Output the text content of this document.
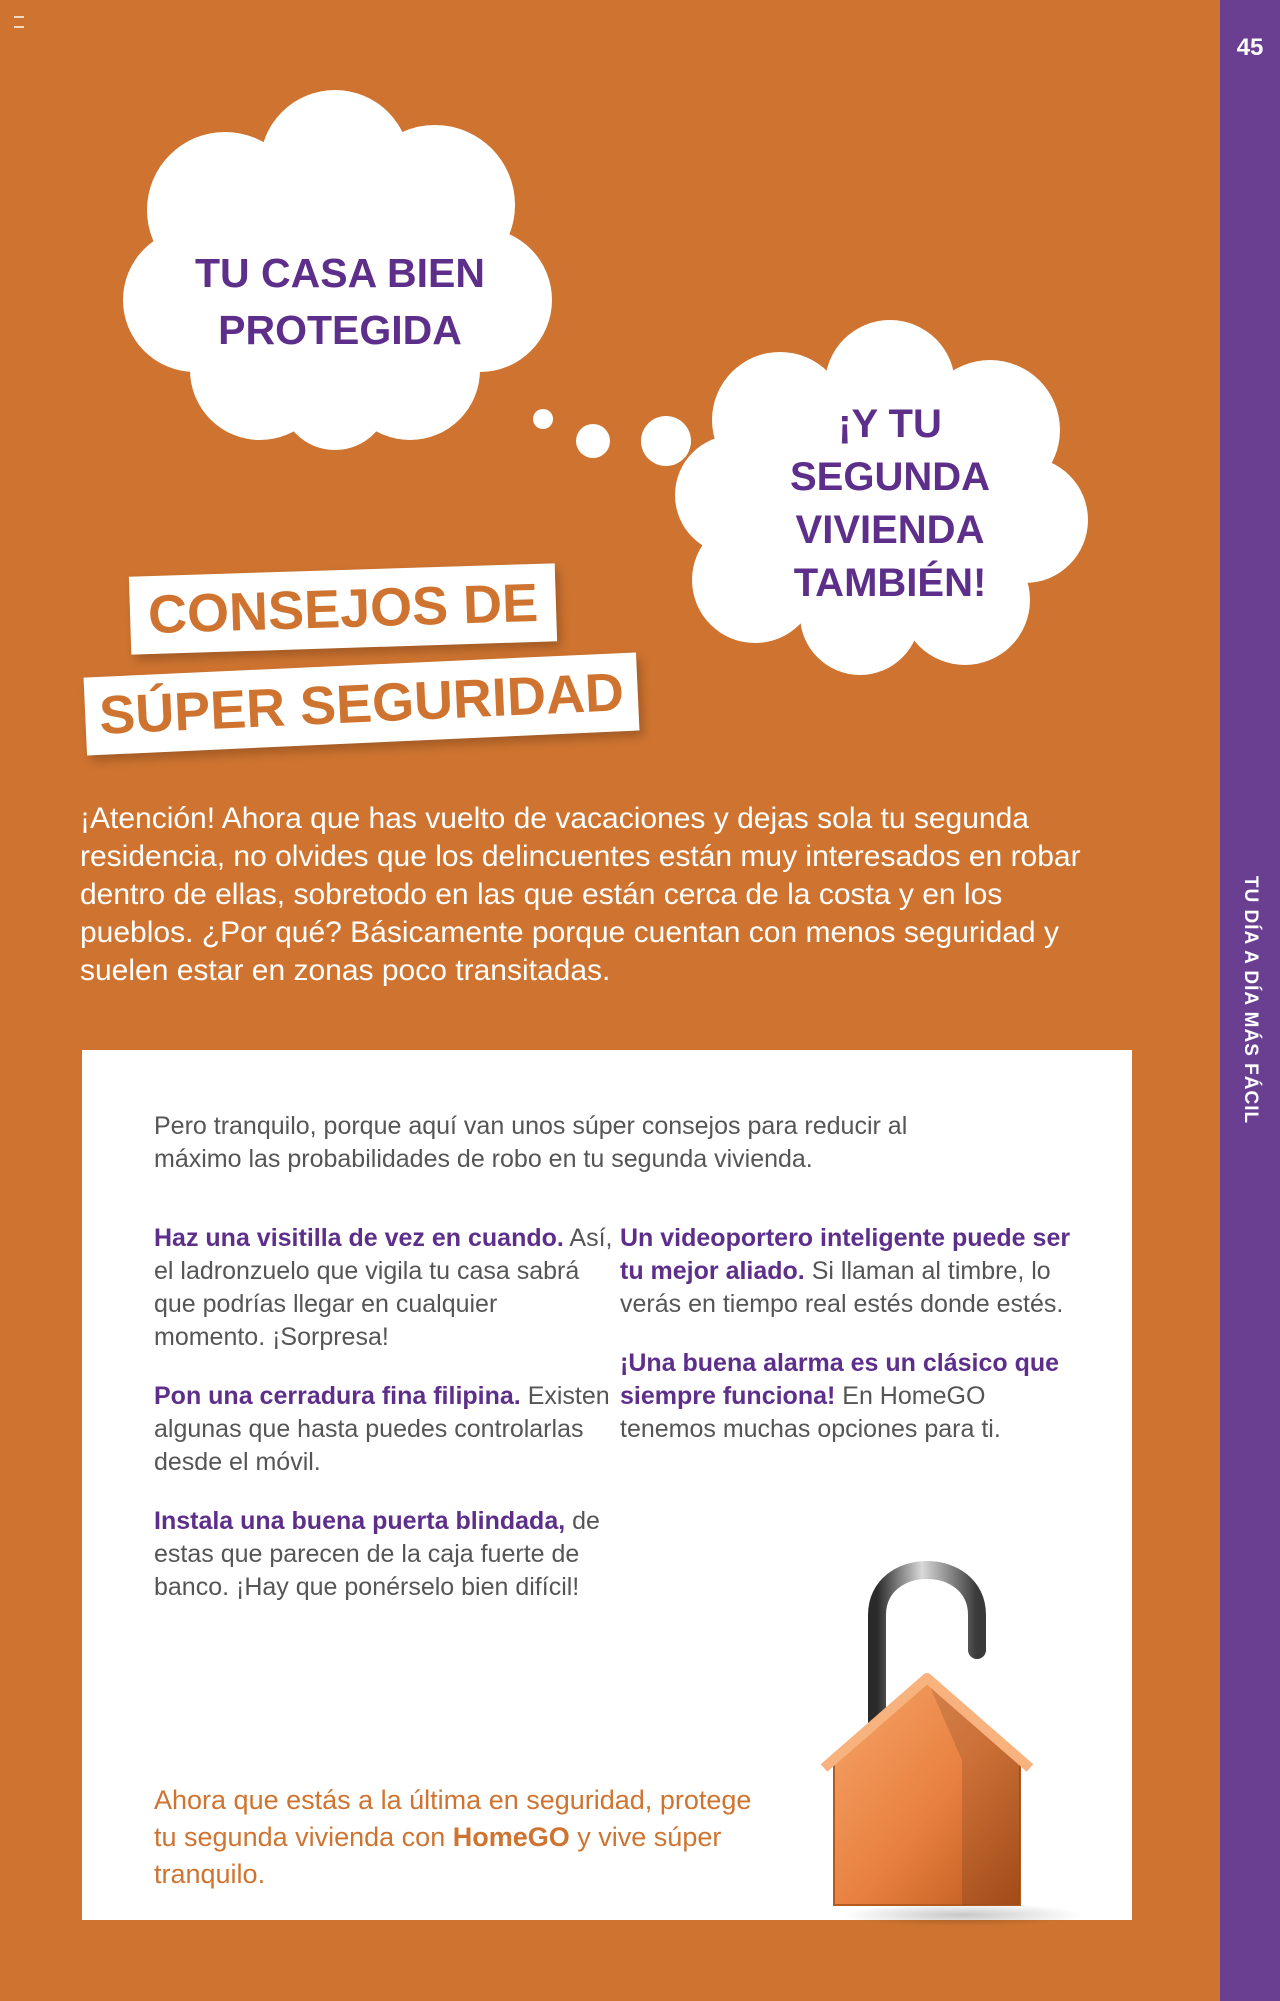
45
TU DÍA A DÍA MÁS FÁCIL
TU CASA BIEN
PROTEGIDA
¡Y TU
SEGUNDA
VIVIENDA
TAMBIÉN!
CONSEJOS DE
SÚPER SEGURIDAD
¡Atención! Ahora que has vuelto de vacaciones y dejas sola tu segunda residencia, no olvides que los delincuentes están muy interesados en robar dentro de ellas, sobretodo en las que están cerca de la costa y en los pueblos. ¿Por qué? Básicamente porque cuentan con menos seguridad y suelen estar en zonas poco transitadas.
Pero tranquilo, porque aquí van unos súper consejos para reducir al máximo las probabilidades de robo en tu segunda vivienda.

Haz una visitilla de vez en cuando. Así, el ladronzuelo que vigila tu casa sabrá que podrías llegar en cualquier momento. ¡Sorpresa!

Pon una cerradura fina filipina. Existen algunas que hasta puedes controlarlas desde el móvil.

Instala una buena puerta blindada, de estas que parecen de la caja fuerte de banco. ¡Hay que ponérselo bien difícil!

Un videoportero inteligente puede ser tu mejor aliado. Si llaman al timbre, lo verás en tiempo real estés donde estés.

¡Una buena alarma es un clásico que siempre funciona! En HomeGO tenemos muchas opciones para ti.

Ahora que estás a la última en seguridad, protege tu segunda vivienda con HomeGO y vive súper tranquilo.
